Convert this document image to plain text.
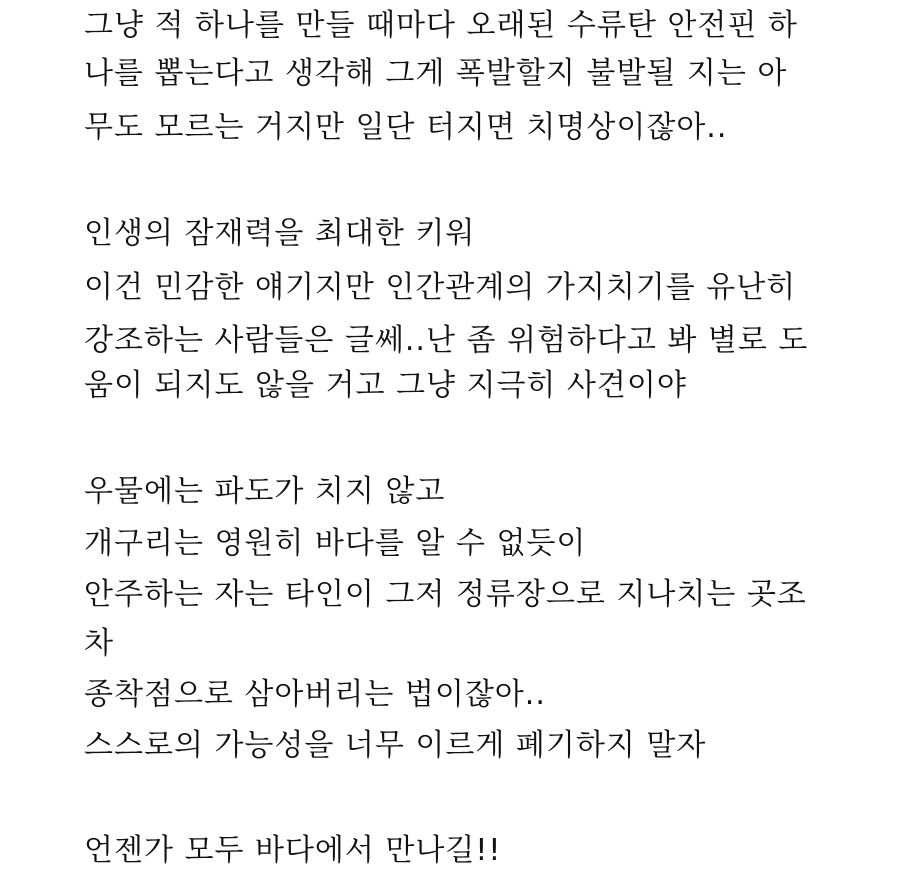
그냥 적 하나를 만들 때마다 오래된 수류탄 안전핀 하
나를 뽑는다고 생각해 그게 폭발할지 불발될 지는 아
무도 모르는 거지만 일단 터지면 치명상이잖아..
인생의 잠재력을 최대한 키워
이건 민감한 얘기지만 인간관계의 가지치기를 유난히
강조하는 사람들은 글쎄..난 좀 위험하다고 봐 별로 도
움이 되지도 않을 거고 그냥 지극히 사견이야
우물에는 파도가 치지 않고
개구리는 영원히 바다를 알 수 없듯이
안주하는 자는 타인이 그저 정류장으로 지나치는 곳조
차
종착점으로 삼아버리는 법이잖아..
스스로의 가능성을 너무 이르게 폐기하지 말자
언젠가 모두 바다에서 만나길!!
